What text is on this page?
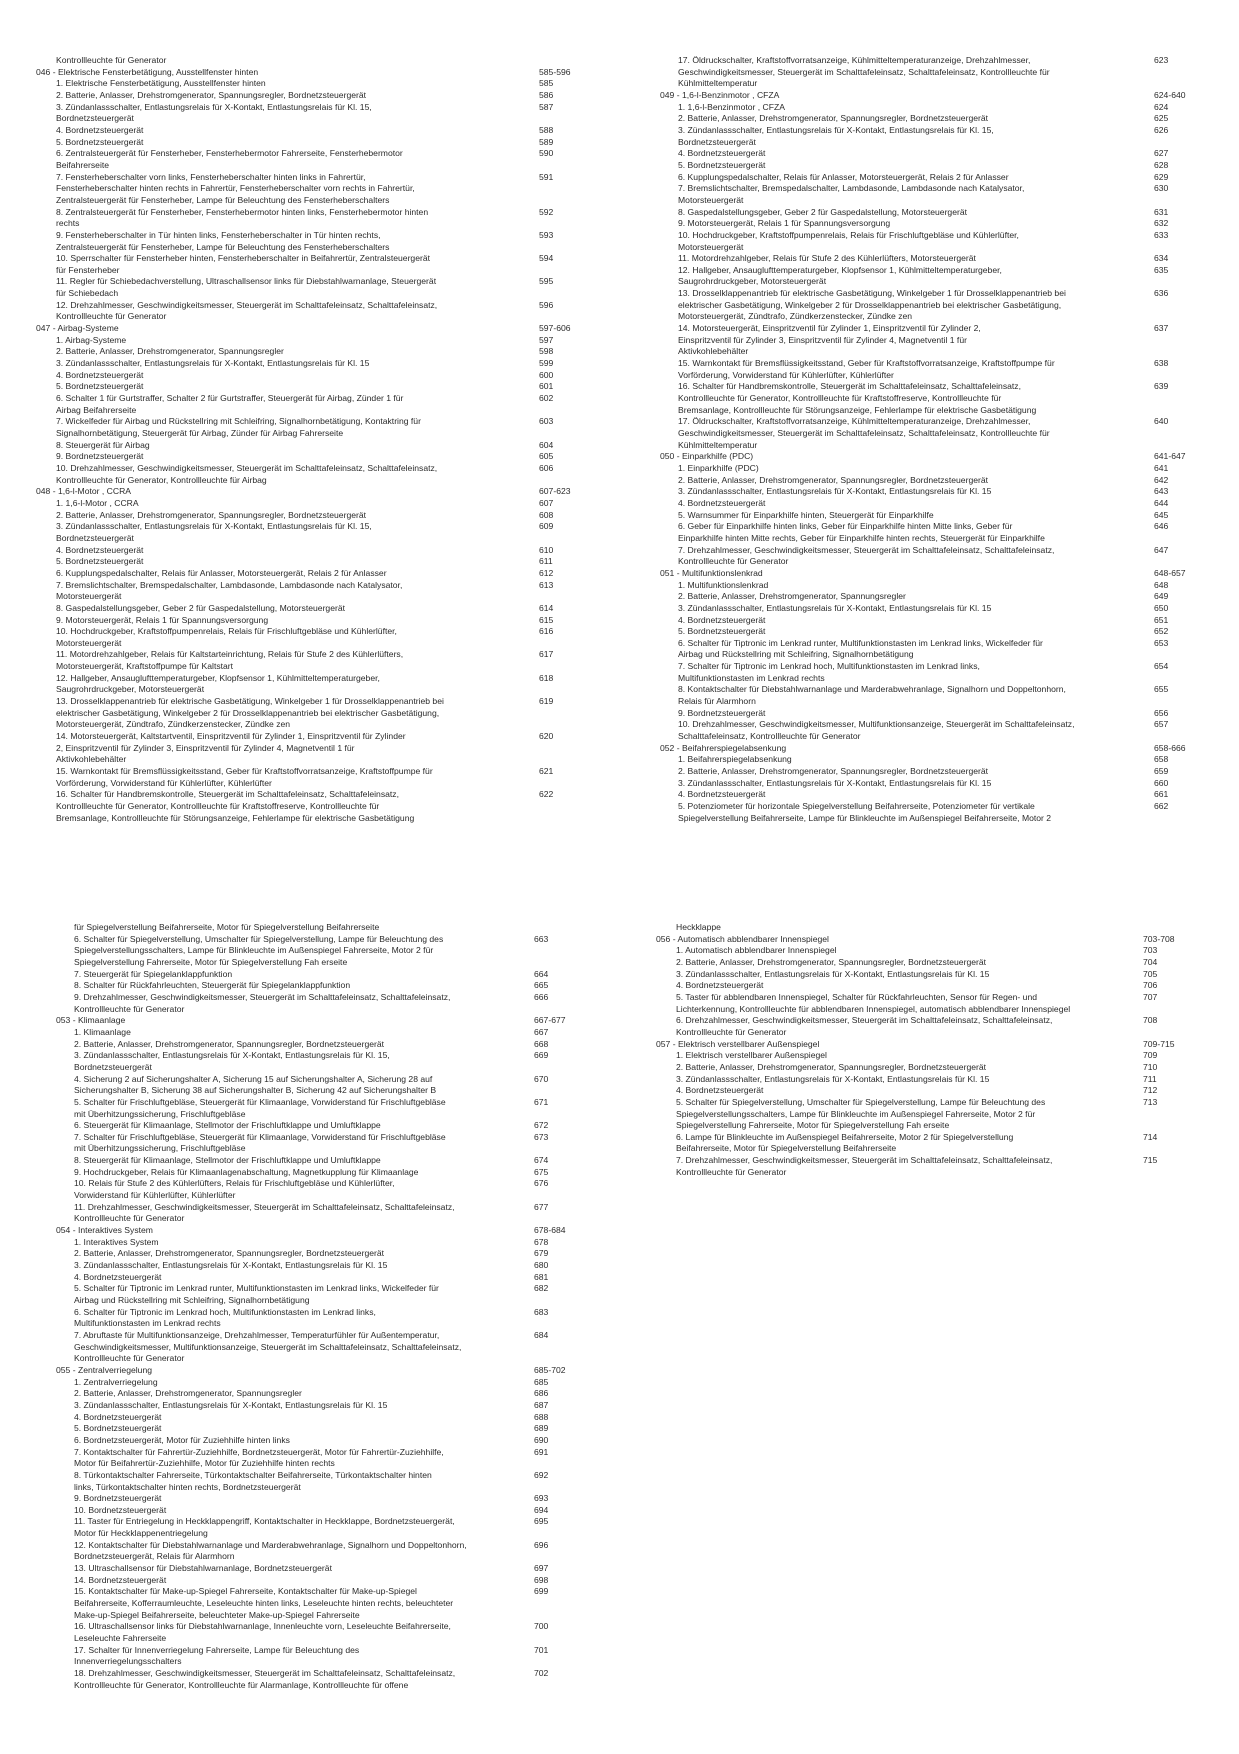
Kontrollleuchte für Generator
046 - Elektrische Fensterbetätigung, Ausstellfenster hinten	585-596
1. Elektrische Fensterbetätigung, Ausstellfenster hinten	585
2. Batterie, Anlasser, Drehstromgenerator, Spannungsregler, Bordnetzsteuergerät	586
3. Zündanlassschalter, Entlastungsrelais für X-Kontakt, Entlastungsrelais für Kl. 15,	587
Bordnetzsteuergerät
4. Bordnetzsteuergerät	588
5. Bordnetzsteuergerät	589
6. Zentralsteuergerät für Fensterheber, Fensterhebermotor Fahrerseite, Fensterhebermotor	590
Beifahrerseite
7. Fensterheberschalter vorn links, Fensterheberschalter hinten links in Fahrertür,	591
Fensterheberschalter hinten rechts in Fahrertür, Fensterheberschalter vorn rechts in Fahrertür,
Zentralsteuergerät für Fensterheber, Lampe für Beleuchtung des Fensterheberschalters
8. Zentralsteuergerät für Fensterheber, Fensterhebermotor hinten links, Fensterhebermotor hinten	592
rechts
9. Fensterheberschalter in Tür hinten links, Fensterheberschalter in Tür hinten rechts,	593
Zentralsteuergerät für Fensterheber, Lampe für Beleuchtung des Fensterheberschalters
10. Sperrschalter für Fensterheber hinten, Fensterheberschalter in Beifahrertür, Zentralsteuergerät	594
für Fensterheber
11. Regler für Schiebedachverstellung, Ultraschallsensor links für Diebstahlwarnanlage, Steuergerät	595
für Schiebedach
12. Drehzahlmesser, Geschwindigkeitsmesser, Steuergerät im Schalttafeleinsatz, Schalttafeleinsatz,	596
Kontrollleuchte für Generator
047 - Airbag-Systeme	597-606
1. Airbag-Systeme	597
2. Batterie, Anlasser, Drehstromgenerator, Spannungsregler	598
3. Zündanlassschalter, Entlastungsrelais für X-Kontakt, Entlastungsrelais für Kl. 15	599
4. Bordnetzsteuergerät	600
5. Bordnetzsteuergerät	601
6. Schalter 1 für Gurtstraffer, Schalter 2 für Gurtstraffer, Steuergerät für Airbag, Zünder 1 für	602
Airbag Beifahrerseite
7. Wickelfeder für Airbag und Rückstellring mit Schleifring, Signalhornbetätigung, Kontaktring für	603
Signalhornbetätigung, Steuergerät für Airbag, Zünder für Airbag Fahrerseite
8. Steuergerät für Airbag	604
9. Bordnetzsteuergerät	605
10. Drehzahlmesser, Geschwindigkeitsmesser, Steuergerät im Schalttafeleinsatz, Schalttafeleinsatz,	606
Kontrollleuchte für Generator, Kontrollleuchte für Airbag
048 - 1,6-l-Motor , CCRA	607-623
1. 1,6-l-Motor , CCRA	607
2. Batterie, Anlasser, Drehstromgenerator, Spannungsregler, Bordnetzsteuergerät	608
3. Zündanlassschalter, Entlastungsrelais für X-Kontakt, Entlastungsrelais für Kl. 15,	609
Bordnetzsteuergerät
4. Bordnetzsteuergerät	610
5. Bordnetzsteuergerät	611
6. Kupplungspedalschalter, Relais für Anlasser, Motorsteuergerät, Relais 2 für Anlasser	612
7. Bremslichtschalter, Bremspedalschalter, Lambdasonde, Lambdasonde nach Katalysator,	613
Motorsteuergerät
8. Gaspedalstellungsgeber, Geber 2 für Gaspedalstellung, Motorsteuergerät	614
9. Motorsteuergerät, Relais 1 für Spannungsversorgung	615
10. Hochdruckgeber, Kraftstoffpumpenrelais, Relais für Frischluftgebläse und Kühlerlüfter,	616
Motorsteuergerät
11. Motordrehzahlgeber, Relais für Kaltstarteinrichtung, Relais für Stufe 2 des Kühlerlüfters,	617
Motorsteuergerät, Kraftstoffpumpe für Kaltstart
12. Hallgeber, Ansauglufttemperaturgeber, Klopfsensor 1, Kühlmitteltemperaturgeber,	618
Saugrohrdruckgeber, Motorsteuergerät
13. Drosselklappenantrieb für elektrische Gasbetätigung, Winkelgeber 1 für Drosselklappenantrieb bei	619
elektrischer Gasbetätigung, Winkelgeber 2 für Drosselklappenantrieb bei elektrischer Gasbetätigung,
Motorsteuergerät, Zündtrafo, Zündkerzenstecker, Zündke zen
14. Motorsteuergerät, Kaltstartventil, Einspritzventil für Zylinder 1, Einspritzventil für Zylinder	620
2, Einspritzventil für Zylinder 3, Einspritzventil für Zylinder 4, Magnetventil 1 für
Aktivkohlebehälter
15. Warnkontakt für Bremsflüssigkeitsstand, Geber für Kraftstoffvorratsanzeige, Kraftstoffpumpe für	621
Vorförderung, Vorwiderstand für Kühlerlüfter, Kühlerlüfter
16. Schalter für Handbremskontrolle, Steuergerät im Schalttafeleinsatz, Schalttafeleinsatz,	622
Kontrollleuchte für Generator, Kontrollleuchte für Kraftstoffreserve, Kontrollleuchte für
Bremsanlage, Kontrollleuchte für Störungsanzeige, Fehlerlampe für elektrische Gasbetätigung
17. Öldruckschalter, Kraftstoffvorratsanzeige, Kühlmitteltemperaturanzeige, Drehzahlmesser,	623
Geschwindigkeitsmesser, Steuergerät im Schalttafeleinsatz, Schalttafeleinsatz, Kontrollleuchte für
Kühlmitteltemperatur
049 - 1,6-l-Benzinmotor , CFZA	624-640
1. 1,6-l-Benzinmotor , CFZA	624
2. Batterie, Anlasser, Drehstromgenerator, Spannungsregler, Bordnetzsteuergerät	625
3. Zündanlassschalter, Entlastungsrelais für X-Kontakt, Entlastungsrelais für Kl. 15,	626
Bordnetzsteuergerät
4. Bordnetzsteuergerät	627
5. Bordnetzsteuergerät	628
6. Kupplungspedalschalter, Relais für Anlasser, Motorsteuergerät, Relais 2 für Anlasser	629
7. Bremslichtschalter, Bremspedalschalter, Lambdasonde, Lambdasonde nach Katalysator,	630
Motorsteuergerät
8. Gaspedalstellungsgeber, Geber 2 für Gaspedalstellung, Motorsteuergerät	631
9. Motorsteuergerät, Relais 1 für Spannungsversorgung	632
10. Hochdruckgeber, Kraftstoffpumpenrelais, Relais für Frischluftgebläse und Kühlerlüfter,	633
Motorsteuergerät
11. Motordrehzahlgeber, Relais für Stufe 2 des Kühlerlüfters, Motorsteuergerät	634
12. Hallgeber, Ansauglufttemperaturgeber, Klopfsensor 1, Kühlmitteltemperaturgeber,	635
Saugrohrdruckgeber, Motorsteuergerät
13. Drosselklappenantrieb für elektrische Gasbetätigung, Winkelgeber 1 für Drosselklappenantrieb bei	636
elektrischer Gasbetätigung, Winkelgeber 2 für Drosselklappenantrieb bei elektrischer Gasbetätigung,
Motorsteuergerät, Zündtrafo, Zündkerzenstecker, Zündke zen
14. Motorsteuergerät, Einspritzventil für Zylinder 1, Einspritzventil für Zylinder 2,	637
Einspritzventil für Zylinder 3, Einspritzventil für Zylinder 4, Magnetventil 1 für
Aktivkohlebehälter
15. Warnkontakt für Bremsflüssigkeitsstand, Geber für Kraftstoffvorratsanzeige, Kraftstoffpumpe für	638
Vorförderung, Vorwiderstand für Kühlerlüfter, Kühlerlüfter
16. Schalter für Handbremskontrolle, Steuergerät im Schalttafeleinsatz, Schalttafeleinsatz,	639
Kontrollleuchte für Generator, Kontrollleuchte für Kraftstoffreserve, Kontrollleuchte für
Bremsanlage, Kontrollleuchte für Störungsanzeige, Fehlerlampe für elektrische Gasbetätigung
17. Öldruckschalter, Kraftstoffvorratsanzeige, Kühlmitteltemperaturanzeige, Drehzahlmesser,	640
Geschwindigkeitsmesser, Steuergerät im Schalttafeleinsatz, Schalttafeleinsatz, Kontrollleuchte für
Kühlmitteltemperatur
050 - Einparkhilfe (PDC)	641-647
1. Einparkhilfe (PDC)	641
2. Batterie, Anlasser, Drehstromgenerator, Spannungsregler, Bordnetzsteuergerät	642
3. Zündanlassschalter, Entlastungsrelais für X-Kontakt, Entlastungsrelais für Kl. 15	643
4. Bordnetzsteuergerät	644
5. Warnsummer für Einparkhilfe hinten, Steuergerät für Einparkhilfe	645
6. Geber für Einparkhilfe hinten links, Geber für Einparkhilfe hinten Mitte links, Geber für	646
Einparkhilfe hinten Mitte rechts, Geber für Einparkhilfe hinten rechts, Steuergerät für Einparkhilfe
7. Drehzahlmesser, Geschwindigkeitsmesser, Steuergerät im Schalttafeleinsatz, Schalttafeleinsatz,	647
Kontrollleuchte für Generator
051 - Multifunktionslenkrad	648-657
1. Multifunktionslenkrad	648
2. Batterie, Anlasser, Drehstromgenerator, Spannungsregler	649
3. Zündanlassschalter, Entlastungsrelais für X-Kontakt, Entlastungsrelais für Kl. 15	650
4. Bordnetzsteuergerät	651
5. Bordnetzsteuergerät	652
6. Schalter für Tiptronic im Lenkrad runter, Multifunktionstasten im Lenkrad links, Wickelfeder für	653
Airbag und Rückstellring mit Schleifring, Signalhornbetätigung
7. Schalter für Tiptronic im Lenkrad hoch, Multifunktionstasten im Lenkrad links,	654
Multifunktionstasten im Lenkrad rechts
8. Kontaktschalter für Diebstahlwarnanlage und Marderabwehranlage, Signalhorn und Doppeltonhorn,	655
Relais für Alarmhorn
9. Bordnetzsteuergerät	656
10. Drehzahlmesser, Geschwindigkeitsmesser, Multifunktionsanzeige, Steuergerät im Schalttafeleinsatz,	657
Schalttafeleinsatz, Kontrollleuchte für Generator
052 - Beifahrerspiegelabsenkung	658-666
1. Beifahrerspiegelabsenkung	658
2. Batterie, Anlasser, Drehstromgenerator, Spannungsregler, Bordnetzsteuergerät	659
3. Zündanlassschalter, Entlastungsrelais für X-Kontakt, Entlastungsrelais für Kl. 15	660
4. Bordnetzsteuergerät	661
5. Potenziometer für horizontale Spiegelverstellung Beifahrerseite, Potenziometer für vertikale	662
Spiegelverstellung Beifahrerseite, Lampe für Blinkleuchte im Außenspiegel Beifahrerseite, Motor 2
für Spiegelverstellung Beifahrerseite, Motor für Spiegelverstellung Beifahrerseite
6. Schalter für Spiegelverstellung, Umschalter für Spiegelverstellung, Lampe für Beleuchtung des	663
Spiegelverstellungsschalters, Lampe für Blinkleuchte im Außenspiegel Fahrerseite, Motor 2 für
Spiegelverstellung Fahrerseite, Motor für Spiegelverstellung Fah erseite
7. Steuergerät für Spiegelanklappfunktion	664
8. Schalter für Rückfahrleuchten, Steuergerät für Spiegelanklappfunktion	665
9. Drehzahlmesser, Geschwindigkeitsmesser, Steuergerät im Schalttafeleinsatz, Schalttafeleinsatz,	666
Kontrollleuchte für Generator
053 - Klimaanlage	667-677
1. Klimaanlage	667
2. Batterie, Anlasser, Drehstromgenerator, Spannungsregler, Bordnetzsteuergerät	668
3. Zündanlassschalter, Entlastungsrelais für X-Kontakt, Entlastungsrelais für Kl. 15,	669
Bordnetzsteuergerät
4. Sicherung 2 auf Sicherungshalter A, Sicherung 15 auf Sicherungshalter A, Sicherung 28 auf	670
Sicherungshalter B, Sicherung 38 auf Sicherungshalter B, Sicherung 42 auf Sicherungshalter B
5. Schalter für Frischluftgebläse, Steuergerät für Klimaanlage, Vorwiderstand für Frischluftgebläse	671
mit Überhitzungssicherung, Frischluftgebläse
6. Steuergerät für Klimaanlage, Stellmotor der Frischluftklappe und Umluftklappe	672
7. Schalter für Frischluftgebläse, Steuergerät für Klimaanlage, Vorwiderstand für Frischluftgebläse	673
mit Überhitzungssicherung, Frischluftgebläse
8. Steuergerät für Klimaanlage, Stellmotor der Frischluftklappe und Umluftklappe	674
9. Hochdruckgeber, Relais für Klimaanlagenabschaltung, Magnetkupplung für Klimaanlage	675
10. Relais für Stufe 2 des Kühlerlüfters, Relais für Frischluftgebläse und Kühlerlüfter,	676
Vorwiderstand für Kühlerlüfter, Kühlerlüfter
11. Drehzahlmesser, Geschwindigkeitsmesser, Steuergerät im Schalttafeleinsatz, Schalttafeleinsatz,	677
Kontrollleuchte für Generator
054 - Interaktives System	678-684
1. Interaktives System	678
2. Batterie, Anlasser, Drehstromgenerator, Spannungsregler, Bordnetzsteuergerät	679
3. Zündanlassschalter, Entlastungsrelais für X-Kontakt, Entlastungsrelais für Kl. 15	680
4. Bordnetzsteuergerät	681
5. Schalter für Tiptronic im Lenkrad runter, Multifunktionstasten im Lenkrad links, Wickelfeder für	682
Airbag und Rückstellring mit Schleifring, Signalhornbetätigung
6. Schalter für Tiptronic im Lenkrad hoch, Multifunktionstasten im Lenkrad links,	683
Multifunktionstasten im Lenkrad rechts
7. Abruftaste für Multifunktionsanzeige, Drehzahlmesser, Temperaturfühler für Außentemperatur,	684
Geschwindigkeitsmesser, Multifunktionsanzeige, Steuergerät im Schalttafeleinsatz, Schalttafeleinsatz,
Kontrollleuchte für Generator
055 - Zentralverriegelung	685-702
1. Zentralverriegelung	685
2. Batterie, Anlasser, Drehstromgenerator, Spannungsregler	686
3. Zündanlassschalter, Entlastungsrelais für X-Kontakt, Entlastungsrelais für Kl. 15	687
4. Bordnetzsteuergerät	688
5. Bordnetzsteuergerät	689
6. Bordnetzsteuergerät, Motor für Zuziehhilfe hinten links	690
7. Kontaktschalter für Fahrertür-Zuziehhilfe, Bordnetzsteuergerät, Motor für Fahrertür-Zuziehhilfe,	691
Motor für Beifahrertür-Zuziehhilfe, Motor für Zuziehhilfe hinten rechts
8. Türkontaktschalter Fahrerseite, Türkontaktschalter Beifahrerseite, Türkontaktschalter hinten	692
links, Türkontaktschalter hinten rechts, Bordnetzsteuergerät
9. Bordnetzsteuergerät	693
10. Bordnetzsteuergerät	694
11. Taster für Entriegelung in Heckklappengriff, Kontaktschalter in Heckklappe, Bordnetzsteuergerät,	695
Motor für Heckklappenentriegelung
12. Kontaktschalter für Diebstahlwarnanlage und Marderabwehranlage, Signalhorn und Doppeltonhorn,	696
Bordnetzsteuergerät, Relais für Alarmhorn
13. Ultraschallsensor für Diebstahlwarnanlage, Bordnetzsteuergerät	697
14. Bordnetzsteuergerät	698
15. Kontaktschalter für Make-up-Spiegel Fahrerseite, Kontaktschalter für Make-up-Spiegel	699
Beifahrerseite, Kofferraumleuchte, Leseleuchte hinten links, Leseleuchte hinten rechts, beleuchteter
Make-up-Spiegel Beifahrerseite, beleuchteter Make-up-Spiegel Fahrerseite
16. Ultraschallsensor links für Diebstahlwarnanlage, Innenleuchte vorn, Leseleuchte Beifahrerseite,	700
Leseleuchte Fahrerseite
17. Schalter für Innenverriegelung Fahrerseite, Lampe für Beleuchtung des	701
Innenverriegelungsschalters
18. Drehzahlmesser, Geschwindigkeitsmesser, Steuergerät im Schalttafeleinsatz, Schalttafeleinsatz,	702
Kontrollleuchte für Generator, Kontrollleuchte für Alarmanlage, Kontrollleuchte für offene
Heckklappe
056 - Automatisch abblendbarer Innenspiegel	703-708
1. Automatisch abblendbarer Innenspiegel	703
2. Batterie, Anlasser, Drehstromgenerator, Spannungsregler, Bordnetzsteuergerät	704
3. Zündanlassschalter, Entlastungsrelais für X-Kontakt, Entlastungsrelais für Kl. 15	705
4. Bordnetzsteuergerät	706
5. Taster für abblendbaren Innenspiegel, Schalter für Rückfahrleuchten, Sensor für Regen- und	707
Lichterkennung, Kontrollleuchte für abblendbaren Innenspiegel, automatisch abblendbarer Innenspiegel
6. Drehzahlmesser, Geschwindigkeitsmesser, Steuergerät im Schalttafeleinsatz, Schalttafeleinsatz,	708
Kontrollleuchte für Generator
057 - Elektrisch verstellbarer Außenspiegel	709-715
1. Elektrisch verstellbarer Außenspiegel	709
2. Batterie, Anlasser, Drehstromgenerator, Spannungsregler, Bordnetzsteuergerät	710
3. Zündanlassschalter, Entlastungsrelais für X-Kontakt, Entlastungsrelais für Kl. 15	711
4. Bordnetzsteuergerät	712
5. Schalter für Spiegelverstellung, Umschalter für Spiegelverstellung, Lampe für Beleuchtung des	713
Spiegelverstellungsschalters, Lampe für Blinkleuchte im Außenspiegel Fahrerseite, Motor 2 für
Spiegelverstellung Fahrerseite, Motor für Spiegelverstellung Fah erseite
6. Lampe für Blinkleuchte im Außenspiegel Beifahrerseite, Motor 2 für Spiegelverstellung	714
Beifahrerseite, Motor für Spiegelverstellung Beifahrerseite
7. Drehzahlmesser, Geschwindigkeitsmesser, Steuergerät im Schalttafeleinsatz, Schalttafeleinsatz,	715
Kontrollleuchte für Generator
